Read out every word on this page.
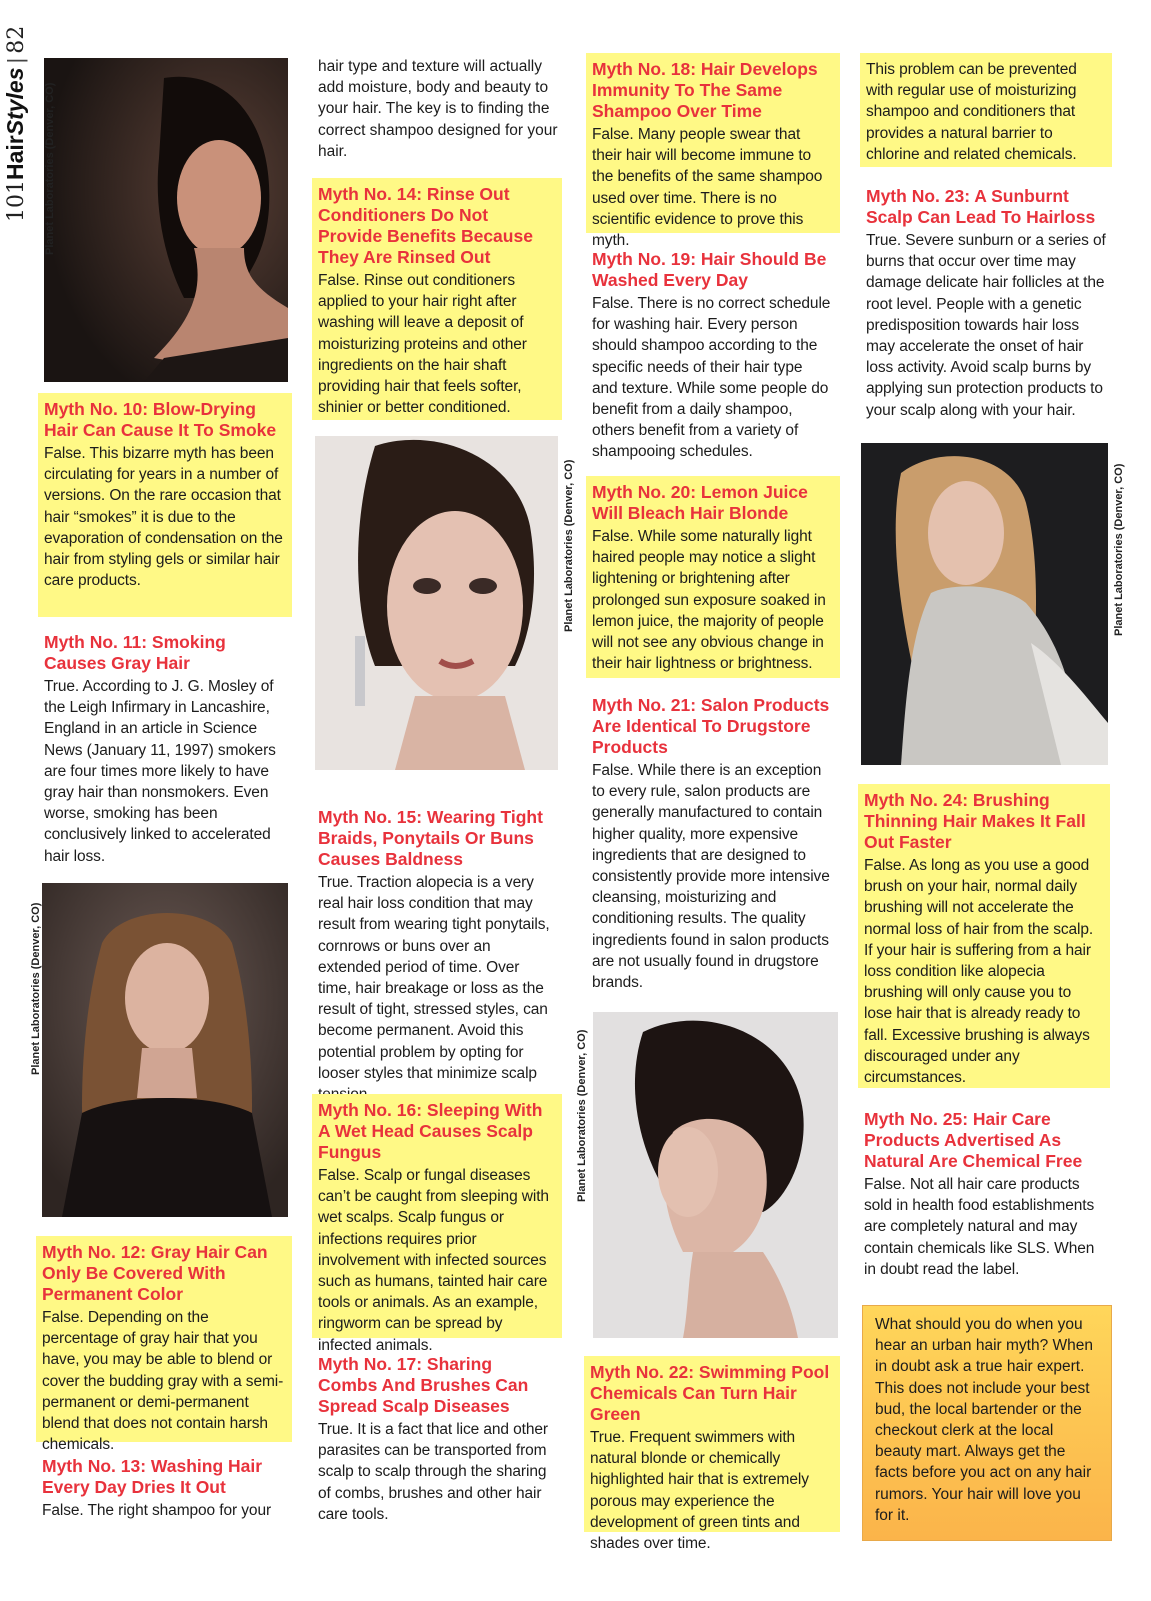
101HairStyles|82
Planet Laboratories (Denver, CO)
Myth No. 10: Blow-Drying Hair Can Cause It To Smoke

False. This bizarre myth has been circulating for years in a number of versions. On the rare occasion that hair “smokes” it is due to the evaporation of condensation on the hair from styling gels or similar hair care products.

Myth No. 11: Smoking Causes Gray Hair

True. According to J. G. Mosley of the Leigh Infirmary in Lancashire, England in an article in Science News (January 11, 1997) smokers are four times more likely to have gray hair than nonsmokers. Even worse, smoking has been conclusively linked to accelerated hair loss.

Planet Laboratories (Denver, CO)
Myth No. 12: Gray Hair Can Only Be Covered With Permanent Color

False. Depending on the percentage of gray hair that you have, you may be able to blend or cover the budding gray with a semi-permanent or demi-permanent blend that does not contain harsh chemicals.

Myth No. 13: Washing Hair Every Day Dries It Out

False. The right shampoo for your

hair type and texture will actually add moisture, body and beauty to your hair. The key is to finding the correct shampoo designed for your hair.

Myth No. 14: Rinse Out Conditioners Do Not Provide Benefits Because They Are Rinsed Out

False. Rinse out conditioners applied to your hair right after washing will leave a deposit of moisturizing proteins and other ingredients on the hair shaft providing hair that feels softer, shinier or better conditioned.

Planet Laboratories (Denver, CO)
Myth No. 15: Wearing Tight Braids, Ponytails Or Buns Causes Baldness

True. Traction alopecia is a very real hair loss condition that may result from wearing tight ponytails, cornrows or buns over an extended period of time. Over time, hair breakage or loss as the result of tight, stressed styles, can become permanent. Avoid this potential problem by opting for looser styles that minimize scalp

Myth No. 16: Sleeping With A Wet Head Causes Scalp Fungus

False. Scalp or fungal diseases can’t be caught from sleeping with wet scalps. Scalp fungus or infections requires prior involvement with infected sources such as humans, tainted hair care tools or animals. As an example, ringworm can be spread by infected animals.

Myth No. 17: Sharing Combs And Brushes Can Spread Scalp Diseases

True. It is a fact that lice and other parasites can be transported from scalp to scalp through the sharing of combs, brushes and other hair care tools.

Myth No. 18: Hair Develops Immunity To The Same Shampoo Over Time

False. Many people swear that their hair will become immune to the benefits of the same shampoo used over time. There is no scientific evidence to prove this myth.

Myth No. 19: Hair Should Be Washed Every Day

False. There is no correct schedule for washing hair. Every person should shampoo according to the specific needs of their hair type and texture. While some people do benefit from a daily shampoo, others benefit from a variety of shampooing schedules.

Myth No. 20: Lemon Juice Will Bleach Hair Blonde

False. While some naturally light haired people may notice a slight lightening or brightening after prolonged sun exposure soaked in lemon juice, the majority of people will not see any obvious change in their hair lightness or brightness.

Myth No. 21: Salon Products Are Identical To Drugstore Products

False. While there is an exception to every rule, salon products are generally manufactured to contain higher quality, more expensive ingredients that are designed to consistently provide more intensive cleansing, moisturizing and conditioning results. The quality ingredients found in salon products are not usually found in drugstore brands.

Planet Laboratories (Denver, CO)
Myth No. 22: Swimming Pool Chemicals Can Turn Hair Green

True. Frequent swimmers with natural blonde or chemically highlighted hair that is extremely porous may experience the development of green tints and shades over time.

This problem can be prevented with regular use of moisturizing shampoo and conditioners that provides a natural barrier to chlorine and related chemicals.

Myth No. 23: A Sunburnt Scalp Can Lead To Hairloss

True. Severe sunburn or a series of burns that occur over time may damage delicate hair follicles at the root level. People with a genetic predisposition towards hair loss may accelerate the onset of hair loss activity. Avoid scalp burns by applying sun protection products to your scalp along with your hair.

Planet Laboratories (Denver, CO)
Myth No. 24: Brushing Thinning Hair Makes It Fall Out Faster

False. As long as you use a good brush on your hair, normal daily brushing will not accelerate the normal loss of hair from the scalp. If your hair is suffering from a hair loss condition like alopecia brushing will only cause you to lose hair that is already ready to fall. Excessive brushing is always discouraged under any circumstances.

Myth No. 25: Hair Care Products Advertised As Natural Are Chemical Free

False. Not all hair care products sold in health food establishments are completely natural and may contain chemicals like SLS. When in doubt read the label.

What should you do when you hear an urban hair myth? When in doubt ask a true hair expert. This does not include your best bud, the local bartender or the checkout clerk at the local beauty mart. Always get the facts before you act on any hair rumors. Your hair will love you for it.
